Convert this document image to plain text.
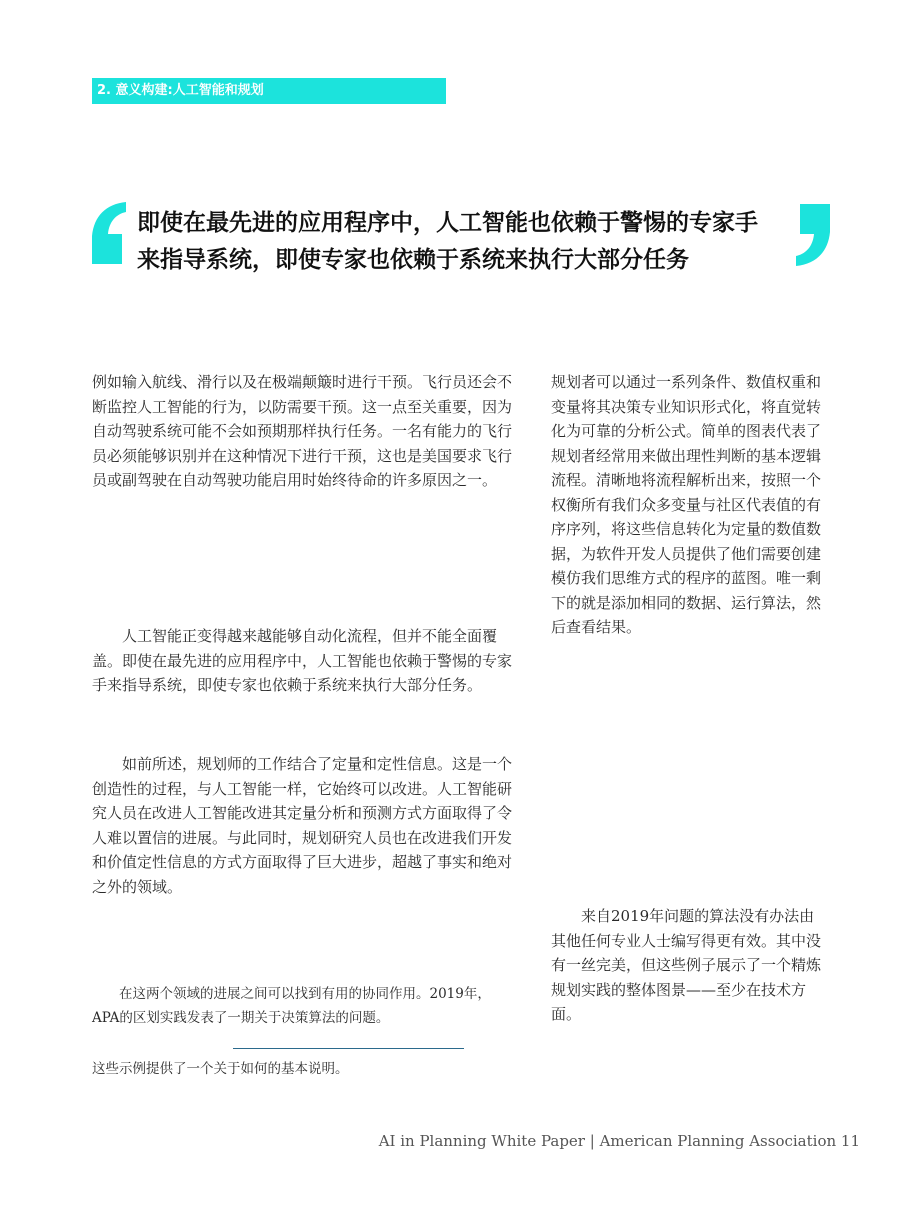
2. 意义构建:人工智能和规划
即使在最先进的应用程序中，人工智能也依赖于警惕的专家手来指导系统，即使专家也依赖于系统来执行大部分任务

例如输入航线、滑行以及在极端颠簸时进行干预。飞行员还会不断监控人工智能的行为，以防需要干预。这一点至关重要，因为自动驾驶系统可能不会如预期那样执行任务。一名有能力的飞行员必须能够识别并在这种情况下进行干预，这也是美国要求飞行员或副驾驶在自动驾驶功能启用时始终待命的许多原因之一。

人工智能正变得越来越能够自动化流程，但并不能全面覆盖。即使在最先进的应用程序中，人工智能也依赖于警惕的专家手来指导系统，即使专家也依赖于系统来执行大部分任务。

如前所述，规划师的工作结合了定量和定性信息。这是一个创造性的过程，与人工智能一样，它始终可以改进。人工智能研究人员在改进人工智能改进其定量分析和预测方式方面取得了令人难以置信的进展。与此同时，规划研究人员也在改进我们开发和价值定性信息的方式方面取得了巨大进步，超越了事实和绝对之外的领域。

在这两个领域的进展之间可以找到有用的协同作用。2019年，APA的区划实践发表了一期关于决策算法的问题。

这些示例提供了一个关于如何的基本说明。

规划者可以通过一系列条件、数值权重和变量将其决策专业知识形式化，将直觉转化为可靠的分析公式。简单的图表代表了规划者经常用来做出理性判断的基本逻辑流程。清晰地将流程解析出来，按照一个权衡所有我们众多变量与社区代表值的有序序列，将这些信息转化为定量的数值数据，为软件开发人员提供了他们需要创建模仿我们思维方式的程序的蓝图。唯一剩下的就是添加相同的数据、运行算法，然后查看结果。

来自2019年问题的算法没有办法由其他任何专业人士编写得更有效。其中没有一丝完美，但这些例子展示了一个精炼规划实践的整体图景——至少在技术方面。

AI in Planning White Paper | American Planning Association 11
